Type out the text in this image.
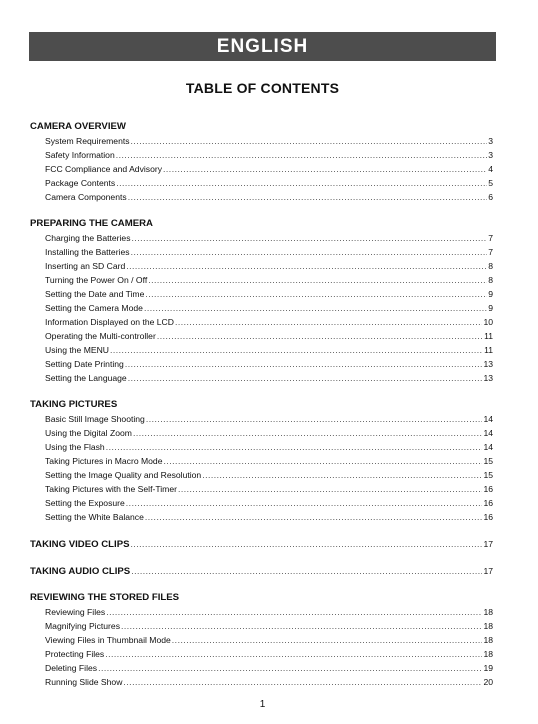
ENGLISH
TABLE OF CONTENTS
CAMERA OVERVIEW
System Requirements .....	3
Safety Information .....	3
FCC Compliance and Advisory .....	4
Package Contents .....	5
Camera Components .....	6
PREPARING THE CAMERA
Charging the Batteries .....	7
Installing the Batteries .....	7
Inserting an SD Card .....	8
Turning the Power On / Off .....	8
Setting the Date and Time .....	9
Setting the Camera Mode .....	9
Information Displayed on the LCD .....	10
Operating the Multi-controller .....	11
Using the MENU .....	11
Setting Date Printing .....	13
Setting the Language .....	13
TAKING PICTURES
Basic Still Image Shooting .....	14
Using the Digital Zoom .....	14
Using the Flash .....	14
Taking Pictures in Macro Mode .....	15
Setting the Image Quality and Resolution .....	15
Taking Pictures with the Self-Timer .....	16
Setting the Exposure .....	16
Setting the White Balance .....	16
TAKING VIDEO CLIPS .....	17
TAKING AUDIO CLIPS .....	17
REVIEWING THE STORED FILES
Reviewing Files .....	18
Magnifying Pictures .....	18
Viewing Files in Thumbnail Mode .....	18
Protecting Files .....	18
Deleting Files .....	19
Running Slide Show .....	20
1
